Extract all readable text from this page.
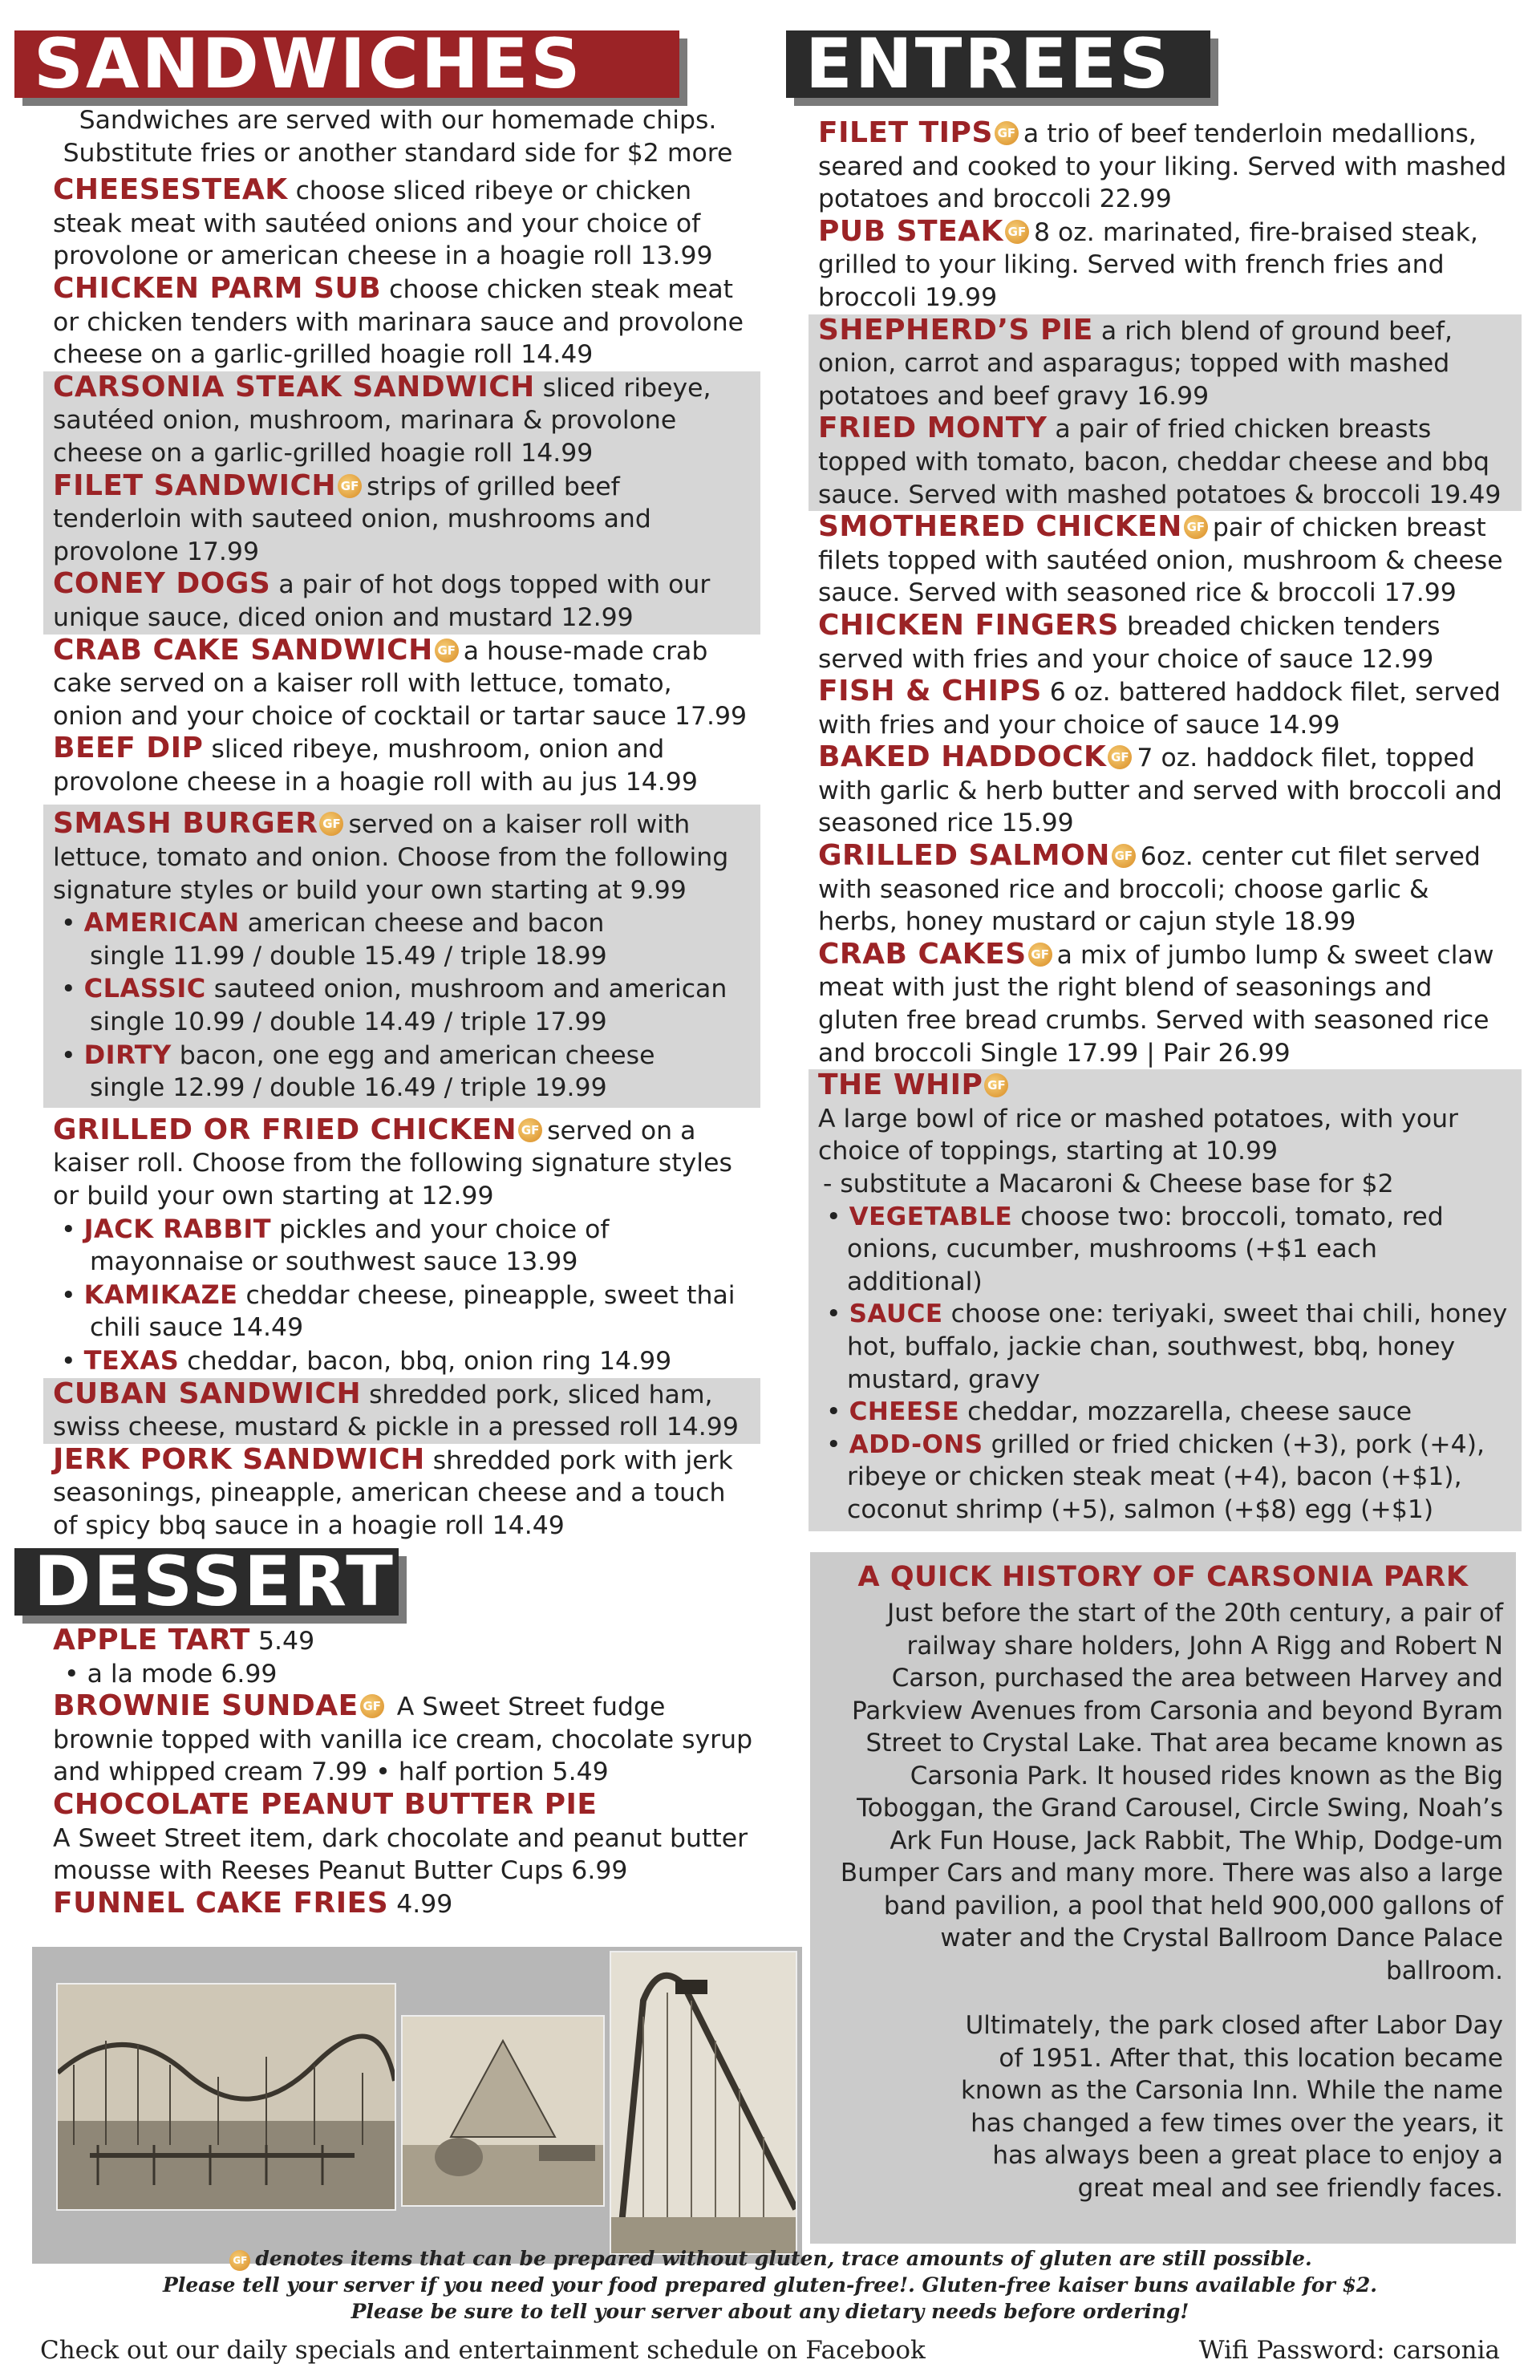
SANDWICHES	ENTREES
DESSERT
Sandwiches are served with our homemade chips.
Substitute fries or another standard side for $2 more

CHEESESTEAK choose sliced ribeye or chicken steak meat with sautéed onions and your choice of provolone or american cheese in a hoagie roll 13.99

CHICKEN PARM SUB choose chicken steak meat or chicken tenders with marinara sauce and provolone cheese on a garlic-grilled hoagie roll 14.49

CARSONIA STEAK SANDWICH sliced ribeye, sautéed onion, mushroom, marinara & provolone cheese on a garlic-grilled hoagie roll 14.99

FILET SANDWICH GF strips of grilled beef tenderloin with sauteed onion, mushrooms and provolone 17.99

CONEY DOGS a pair of hot dogs topped with our unique sauce, diced onion and mustard 12.99

CRAB CAKE SANDWICH GF a house-made crab cake served on a kaiser roll with lettuce, tomato, onion and your choice of cocktail or tartar sauce 17.99

BEEF DIP sliced ribeye, mushroom, onion and provolone cheese in a hoagie roll with au jus 14.99

SMASH BURGER GF served on a kaiser roll with lettuce, tomato and onion. Choose from the following signature styles or build your own starting at 9.99

• AMERICAN american cheese and bacon
single 11.99 / double 15.49 / triple 18.99
• CLASSIC sauteed onion, mushroom and american
single 10.99 / double 14.49 / triple 17.99
• DIRTY bacon, one egg and american cheese
single 12.99 / double 16.49 / triple 19.99

GRILLED OR FRIED CHICKEN GF served on a kaiser roll. Choose from the following signature styles or build your own starting at 12.99

• JACK RABBIT pickles and your choice of
mayonnaise or southwest sauce 13.99
• KAMIKAZE cheddar cheese, pineapple, sweet thai
chili sauce 14.49
• TEXAS cheddar, bacon, bbq, onion ring 14.99

CUBAN SANDWICH shredded pork, sliced ham, swiss cheese, mustard & pickle in a pressed roll 14.99

JERK PORK SANDWICH shredded pork with jerk seasonings, pineapple, american cheese and a touch of spicy bbq sauce in a hoagie roll 14.49

FILET TIPS GF a trio of beef tenderloin medallions, seared and cooked to your liking. Served with mashed potatoes and broccoli 22.99

PUB STEAK GF 8 oz. marinated, fire-braised steak, grilled to your liking. Served with french fries and broccoli 19.99

SHEPHERD’S PIE a rich blend of ground beef, onion, carrot and asparagus; topped with mashed potatoes and beef gravy 16.99

FRIED MONTY a pair of fried chicken breasts topped with tomato, bacon, cheddar cheese and bbq sauce. Served with mashed potatoes & broccoli 19.49

SMOTHERED CHICKEN GF pair of chicken breast filets topped with sautéed onion, mushroom & cheese sauce. Served with seasoned rice & broccoli 17.99

CHICKEN FINGERS breaded chicken tenders served with fries and your choice of sauce 12.99

FISH & CHIPS 6 oz. battered haddock filet, served with fries and your choice of sauce 14.99

BAKED HADDOCK GF 7 oz. haddock filet, topped with garlic & herb butter and served with broccoli and seasoned rice 15.99

GRILLED SALMON GF 6oz. center cut filet served with seasoned rice and broccoli; choose garlic & herbs, honey mustard or cajun style 18.99

CRAB CAKES GF a mix of jumbo lump & sweet claw meat with just the right blend of seasonings and gluten free bread crumbs. Served with seasoned rice and broccoli Single 17.99 | Pair 26.99

THE WHIP GF
A large bowl of rice or mashed potatoes, with your choice of toppings, starting at 10.99

- substitute a Macaroni & Cheese base for $2
• VEGETABLE choose two: broccoli, tomato, red onions, cucumber, mushrooms (+$1 each additional)
• SAUCE choose one: teriyaki, sweet thai chili, honey hot, buffalo, jackie chan, southwest, bbq, honey mustard, gravy
• CHEESE cheddar, mozzarella, cheese sauce
• ADD-ONS grilled or fried chicken (+3), pork (+4), ribeye or chicken steak meat (+4), bacon (+$1), coconut shrimp (+5), salmon (+$8) egg (+$1)

APPLE TART 5.49

• a la mode 6.99

BROWNIE SUNDAE GF A Sweet Street fudge brownie topped with vanilla ice cream, chocolate syrup and whipped cream 7.99 • half portion 5.49

CHOCOLATE PEANUT BUTTER PIE
A Sweet Street item, dark chocolate and peanut butter mousse with Reeses Peanut Butter Cups 6.99

FUNNEL CAKE FRIES 4.99

A QUICK HISTORY OF CARSONIA PARK

Just before the start of the 20th century, a pair of railway share holders, John A Rigg and Robert N Carson, purchased the area between Harvey and Parkview Avenues from Carsonia and beyond Byram Street to Crystal Lake. That area became known as Carsonia Park. It housed rides known as the Big Toboggan, the Grand Carousel, Circle Swing, Noah’s Ark Fun House, Jack Rabbit, The Whip, Dodge-um Bumper Cars and many more. There was also a large band pavilion, a pool that held 900,000 gallons of water and the Crystal Ballroom Dance Palace ballroom.

Ultimately, the park closed after Labor Day of 1951. After that, this location became known as the Carsonia Inn. While the name has changed a few times over the years, it has always been a great place to enjoy a great meal and see friendly faces.

GF denotes items that can be prepared without gluten, trace amounts of gluten are still possible.
Please tell your server if you need your food prepared gluten-free!. Gluten-free kaiser buns available for $2.
Please be sure to tell your server about any dietary needs before ordering!
Check out our daily specials and entertainment schedule on Facebook	Wifi Password: carsonia
